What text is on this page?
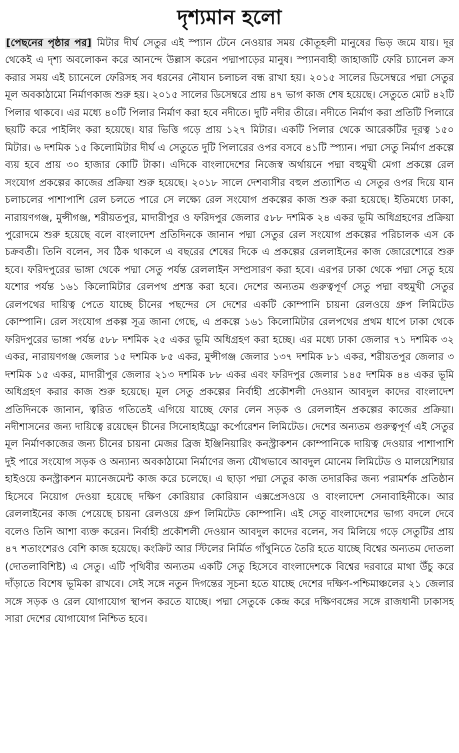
দৃশ্যমান হলো

[পেছনের পৃষ্ঠার পর] মিটার দীর্ঘ সেতুর এই স্প্যান টেনে নেওয়ার সময় কৌতূহলী মানুষের ভিড় জমে যায়। দূর থেকেই এ দৃশ্য অবলোকন করে আনন্দে উল্লাস করেন পদ্মাপাড়ের মানুষ। স্প্যানবাহী জাহাজটি ফেরি চ্যানেল ক্রস করার সময় এই চ্যানেলে ফেরিসহ সব ধরনের নৌযান চলাচল বন্ধ রাখা হয়। ২০১৫ সালের ডিসেম্বরে পদ্মা সেতুর মূল অবকাঠামো নির্মাণকাজ শুরু হয়। ২০১৫ সালের ডিসেম্বরে প্রায় ৪৭ ভাগ কাজ শেষ হয়েছে। সেতুতে মোট ৪২টি পিলার থাকবে। এর মধ্যে ৪০টি পিলার নির্মাণ করা হবে নদীতে। দুটি নদীর তীরে। নদীতে নির্মাণ করা প্রতিটি পিলারে ছয়টি করে পাইলিং করা হয়েছে। যার ভিত্তি গড়ে প্রায় ১২৭ মিটার। একটি পিলার থেকে আরেকটির দূরত্ব ১৫০ মিটার। ৬ দশমিক ১৫ কিলোমিটার দীর্ঘ এ সেতুতে দুটি পিলারের ওপর বসবে ৪১টি স্প্যান। পদ্মা সেতু নির্মাণ প্রকল্পে ব্যয় হবে প্রায় ৩০ হাজার কোটি টাকা। এদিকে বাংলাদেশের নিজেস্ব অর্থায়নে পদ্মা বহুমুখী মেগা প্রকল্পে রেল সংযোগ প্রকল্পের কাজের প্রক্রিয়া শুরু হয়েছে। ২০১৮ সালে দেশবাসীর বহুল প্রত্যাশিত এ সেতুর ওপর দিয়ে যান চলাচলের পাশাপাশি রেল চলতে পারে সে লক্ষ্যে রেল সংযোগ প্রকল্পের কাজ শুরু করা হয়েছে। ইতিমধ্যে ঢাকা, নারায়ণগঞ্জ, মুন্সীগঞ্জ, শরীয়তপুর, মাদারীপুর ও ফরিদপুর জেলার ৫৮৮ দশমিক ২৪ একর ভূমি অধিগ্রহণের প্রক্রিয়া পুরোদমে শুরু হয়েছে বলে বাংলাদেশ প্রতিদিনকে জানান পদ্মা সেতুর রেল সংযোগ প্রকল্পের পরিচালক এস কে চক্রবর্তী। তিনি বলেন, সব ঠিক থাকলে এ বছরের শেষের দিকে এ প্রকল্পের রেললাইনের কাজ জোরেশোরে শুরু হবে। ফরিদপুরের ভাঙ্গা থেকে পদ্মা সেতু পর্যন্ত রেললাইন সম্প্রসারণ করা হবে। এরপর ঢাকা থেকে পদ্মা সেতু হয়ে যশোর পর্যন্ত ১৬১ কিলোমিটার রেলপথ প্রশস্ত করা হবে। দেশের অন্যতম গুরুত্বপূর্ণ সেতু পদ্মা বহুমুখী সেতুর রেলপথের দায়িত্ব পেতে যাচ্ছে চীনের পছন্দের সে দেশের একটি কোম্পানি চায়না রেলওয়ে গ্রুপ লিমিটেড কোম্পানি। রেল সংযোগ প্রকল্প সূত্র জানা গেছে, এ প্রকল্পে ১৬১ কিলোমিটার রেলপথের প্রথম ধাপে ঢাকা থেকে ফরিদপুরের ভাঙ্গা পর্যন্ত ৫৮৮ দশমিক ২৫ একর ভূমি অধিগ্রহণ করা হচ্ছে। এর মধ্যে ঢাকা জেলার ৭১ দশমিক ৩২ একর, নারায়ণগঞ্জ জেলার ১৫ দশমিক ৮৫ একর, মুন্সীগঞ্জ জেলার ১৩৭ দশমিক ৮১ একর, শরীয়তপুর জেলার ৩ দশমিক ১৫ একর, মাদারীপুর জেলার ২১৩ দশমিক ৮৮ একর এবং ফরিদপুর জেলার ১৪৫ দশমিক ৪৪ একর ভূমি অধিগ্রহণ করার কাজ শুরু হয়েছে। মূল সেতু প্রকল্পের নির্বাহী প্রকৌশলী দেওয়ান আবদুল কাদের বাংলাদেশ প্রতিদিনকে জানান, ত্বরিত গতিতেই এগিয়ে যাচ্ছে ফোর লেন সড়ক ও রেললাইন প্রকল্পের কাজের প্রক্রিয়া। নদীশাসনের জন্য দায়িত্বে রয়েছেন চীনের সিনোহাইড্রো কর্পোরেশন লিমিটেড। দেশের অন্যতম গুরুত্বপূর্ণ এই সেতুর মূল নির্মাণকাজের জন্য চীনের চায়না মেজর ব্রিজ ইঞ্জিনিয়ারিং কনস্ট্রাকশন কোম্পানিকে দায়িত্ব দেওয়ার পাশাপাশি দুই পারে সংযোগ সড়ক ও অন্যান্য অবকাঠামো নির্মাণের জন্য যৌথভাবে আবদুল মোনেম লিমিটেড ও মালয়েশিয়ার হাইওয়ে কনস্ট্রাকশন ম্যানেজমেন্ট কাজ করে চলেছে। এ ছাড়া পদ্মা সেতুর কাজ তদারকির জন্য পরামর্শক প্রতিষ্ঠান হিসেবে নিয়োগ দেওয়া হয়েছে দক্ষিণ কোরিয়ার কোরিয়ান এক্সপ্রেসওয়ে ও বাংলাদেশ সেনাবাহিনীকে। আর রেললাইনের কাজ পেয়েছে চায়না রেলওয়ে গ্রুপ লিমিটেড কোম্পানি। এই সেতু বাংলাদেশের ভাগ্য বদলে দেবে বলেও তিনি আশা ব্যক্ত করেন। নির্বাহী প্রকৌশলী দেওয়ান আবদুল কাদের বলেন, সব মিলিয়ে গড়ে সেতুটির প্রায় ৪৭ শতাংশেরও বেশি কাজ হয়েছে। কংক্রিট আর স্টিলের নির্মিত গাঁথুনিতে তৈরি হতে যাচ্ছে বিশ্বের অন্যতম দোতলা (দোতলাবিশিষ্ট) এ সেতু। এটি পৃথিবীর অন্যতম একটি সেতু হিসেবে বাংলাদেশকে বিশ্বের দরবারে মাথা উঁচু করে দাঁড়াতে বিশেষ ভূমিকা রাখবে। সেই সঙ্গে নতুন দিগন্তের সূচনা হতে যাচ্ছে দেশের দক্ষিণ-পশ্চিমাঞ্চলের ২১ জেলার সঙ্গে সড়ক ও রেল যোগাযোগ স্থাপন করতে যাচ্ছে। পদ্মা সেতুকে কেন্দ্র করে দক্ষিণবঙ্গের সঙ্গে রাজধানী ঢাকাসহ সারা দেশের যোগাযোগ নিশ্চিত হবে।
